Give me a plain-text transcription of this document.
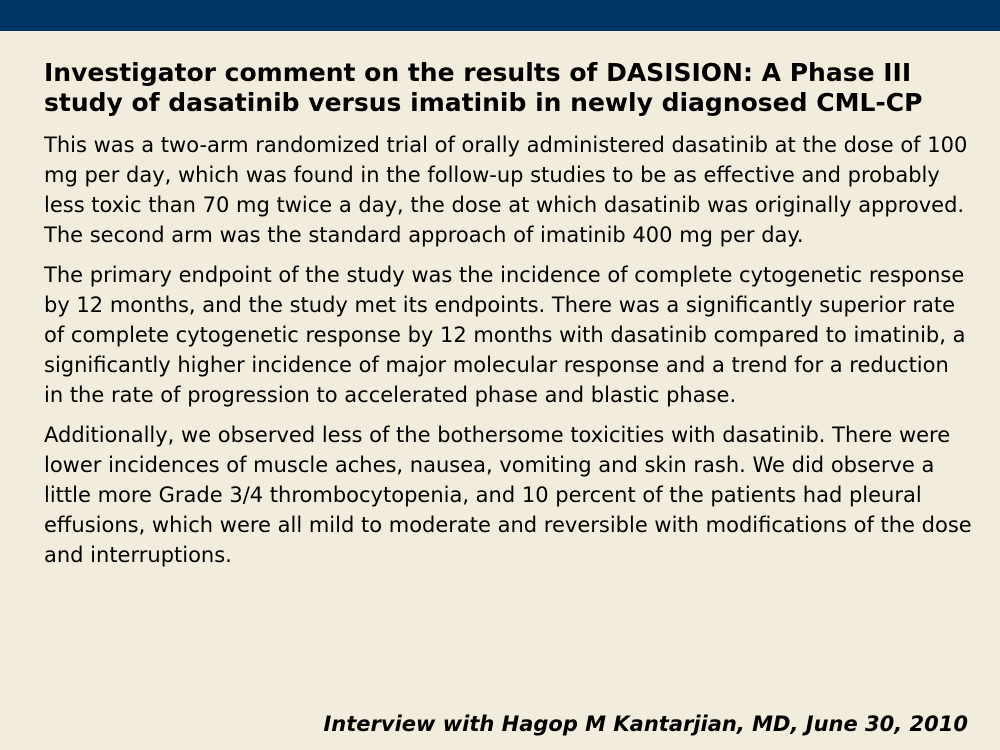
Investigator comment on the results of DASISION: A Phase III study of dasatinib versus imatinib in newly diagnosed CML-CP

This was a two-arm randomized trial of orally administered dasatinib at the dose of 100 mg per day, which was found in the follow-up studies to be as effective and probably less toxic than 70 mg twice a day, the dose at which dasatinib was originally approved. The second arm was the standard approach of imatinib 400 mg per day.

The primary endpoint of the study was the incidence of complete cytogenetic response by 12 months, and the study met its endpoints. There was a significantly superior rate of complete cytogenetic response by 12 months with dasatinib compared to imatinib, a significantly higher incidence of major molecular response and a trend for a reduction in the rate of progression to accelerated phase and blastic phase.

Additionally, we observed less of the bothersome toxicities with dasatinib. There were lower incidences of muscle aches, nausea, vomiting and skin rash. We did observe a little more Grade 3/4 thrombocytopenia, and 10 percent of the patients had pleural effusions, which were all mild to moderate and reversible with modifications of the dose and interruptions.

Interview with Hagop M Kantarjian, MD, June 30, 2010
